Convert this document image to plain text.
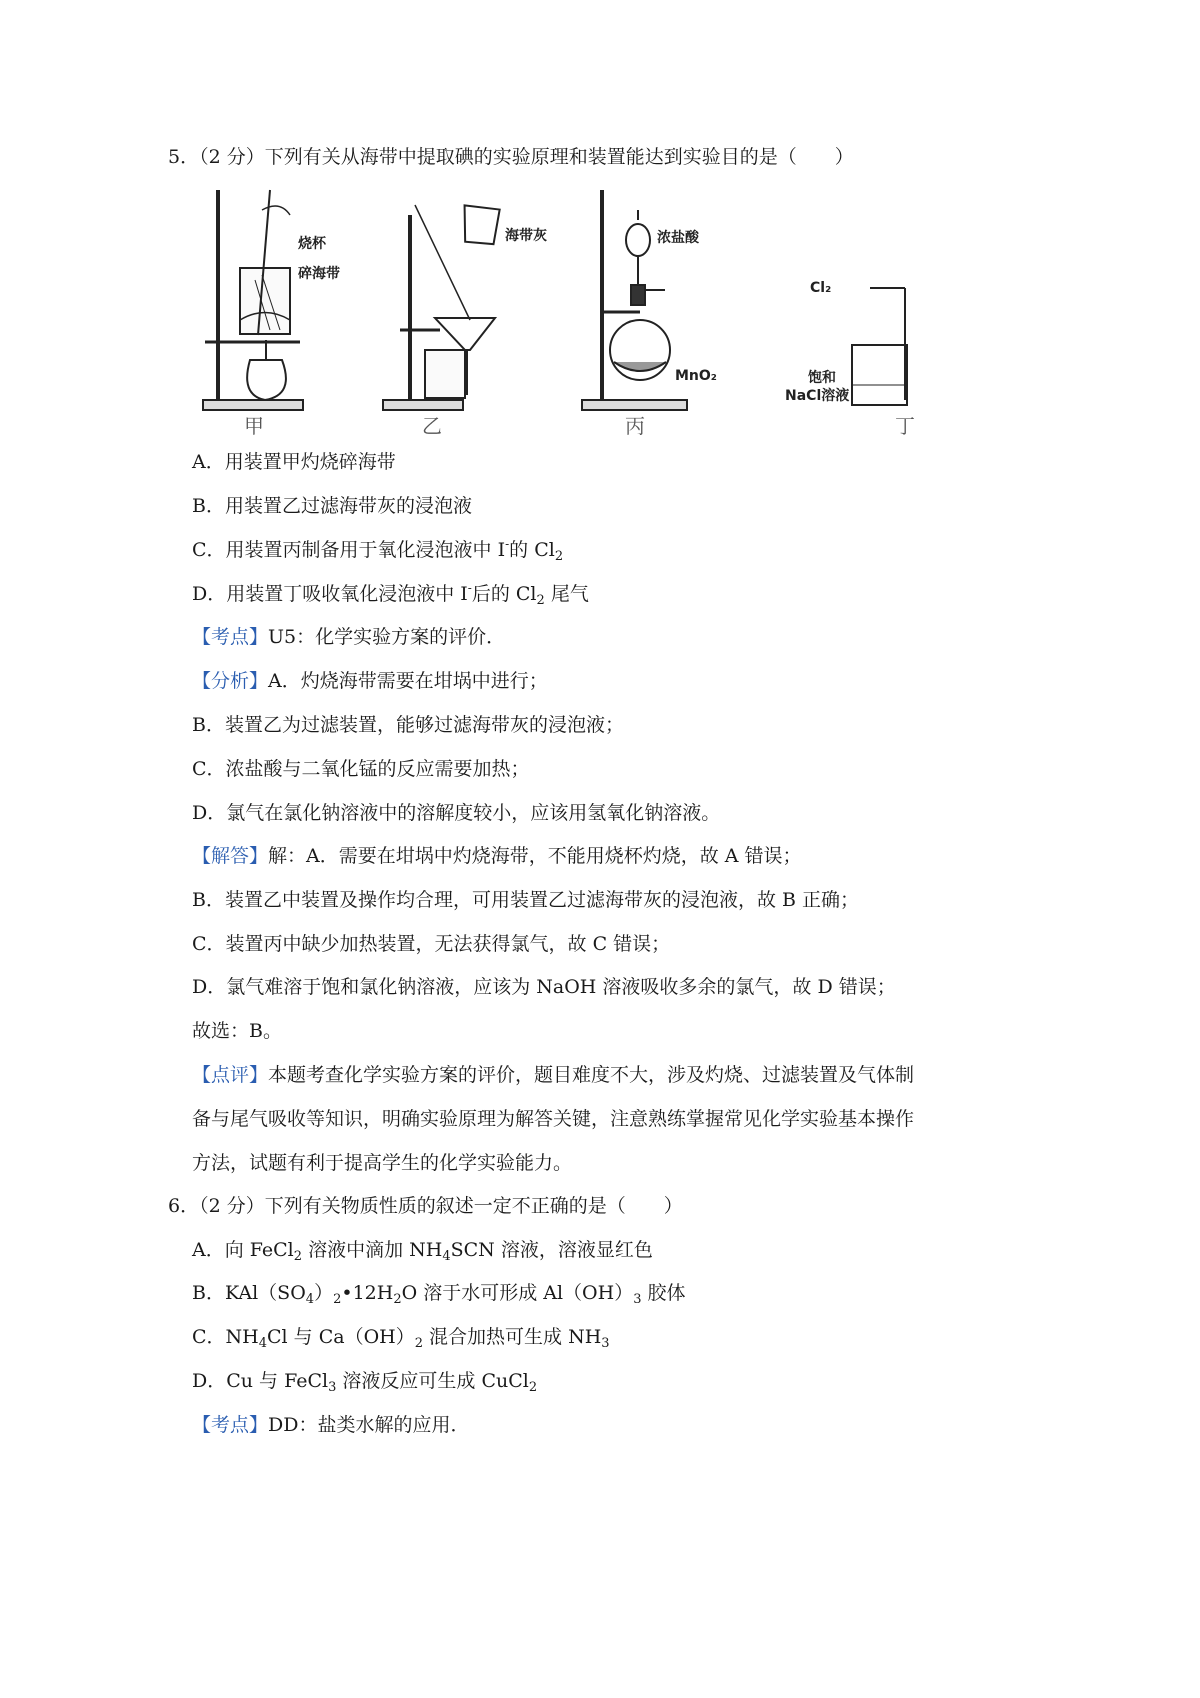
5．（2 分）下列有关从海带中提取碘的实验原理和装置能达到实验目的是（　　）
烧杯
碎海带
海带灰	浓盐酸
MnO₂
Cl₂
饱和
NaCl溶液
甲	乙	丙	丁
A．用装置甲灼烧碎海带
B．用装置乙过滤海带灰的浸泡液
C．用装置丙制备用于氧化浸泡液中 I-的 $Cl_2$
D．用装置丁吸收氧化浸泡液中 I-后的 $Cl_2$ 尾气
【考点】U5：化学实验方案的评价．
【分析】A．灼烧海带需要在坩埚中进行；
B．装置乙为过滤装置，能够过滤海带灰的浸泡液；
C．浓盐酸与二氧化锰的反应需要加热；
D．氯气在氯化钠溶液中的溶解度较小，应该用氢氧化钠溶液。
【解答】解：A．需要在坩埚中灼烧海带，不能用烧杯灼烧，故 A 错误；
B．装置乙中装置及操作均合理，可用装置乙过滤海带灰的浸泡液，故 B 正确；
C．装置丙中缺少加热装置，无法获得氯气，故 C 错误；
D．氯气难溶于饱和氯化钠溶液，应该为 NaOH 溶液吸收多余的氯气，故 D 错误；
故选：B。
【点评】本题考查化学实验方案的评价，题目难度不大，涉及灼烧、过滤装置及气体制
备与尾气吸收等知识，明确实验原理为解答关键，注意熟练掌握常见化学实验基本操作
方法，试题有利于提高学生的化学实验能力。
6．（2 分）下列有关物质性质的叙述一定不正确的是（　　）
A．向 FeCl$_2$ 溶液中滴加 $NH_4SCN$ 溶液，溶液显红色
B．$KAl(SO_4)_2•12H_2O$ 溶于水可形成 $Al(OH)_3$ 胶体
C．$NH_4Cl$ 与 $Ca(OH)_2$ 混合加热可生成 $NH_3$
D．Cu 与 FeCl$_3$ 溶液反应可生成 CuCl$_2$
【考点】DD：盐类水解的应用．
